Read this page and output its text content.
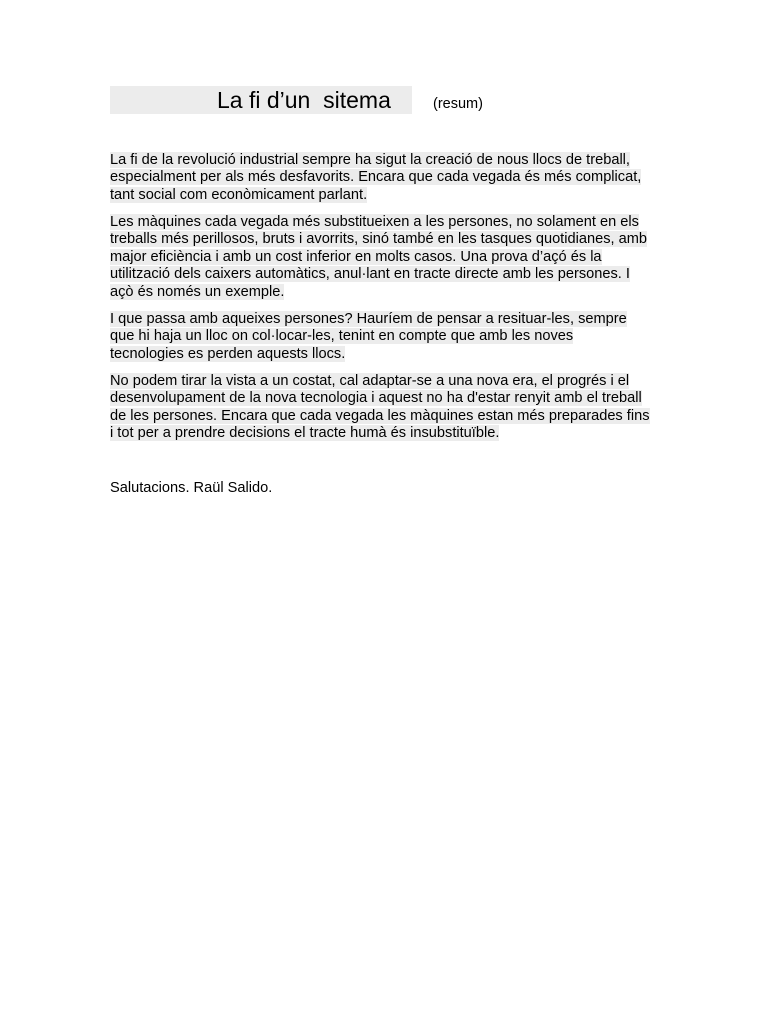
La fi d’un  sitema	(resum)

La fi de la revolució industrial sempre ha sigut la creació de nous llocs de treball,
especialment per als més desfavorits. Encara que cada vegada és més complicat,
tant social com econòmicament parlant.

Les màquines cada vegada més substitueixen a les persones, no solament en els
treballs més perillosos, bruts i avorrits, sinó també en les tasques quotidianes, amb
major eficiència i amb un cost inferior en molts casos. Una prova d’açó és la
utilització dels caixers automàtics, anul·lant en tracte directe amb les persones. I
açò és només un exemple.

I que passa amb aqueixes persones? Hauríem de pensar a resituar-les, sempre
que hi haja un lloc on col·locar-les, tenint en compte que amb les noves
tecnologies es perden aquests llocs.

No podem tirar la vista a un costat, cal adaptar-se a una nova era, el progrés i el
desenvolupament de la nova tecnologia i aquest no ha d'estar renyit amb el treball
de les persones. Encara que cada vegada les màquines estan més preparades fins
i tot per a prendre decisions el tracte humà és insubstituïble.

Salutacions. Raül Salido.
